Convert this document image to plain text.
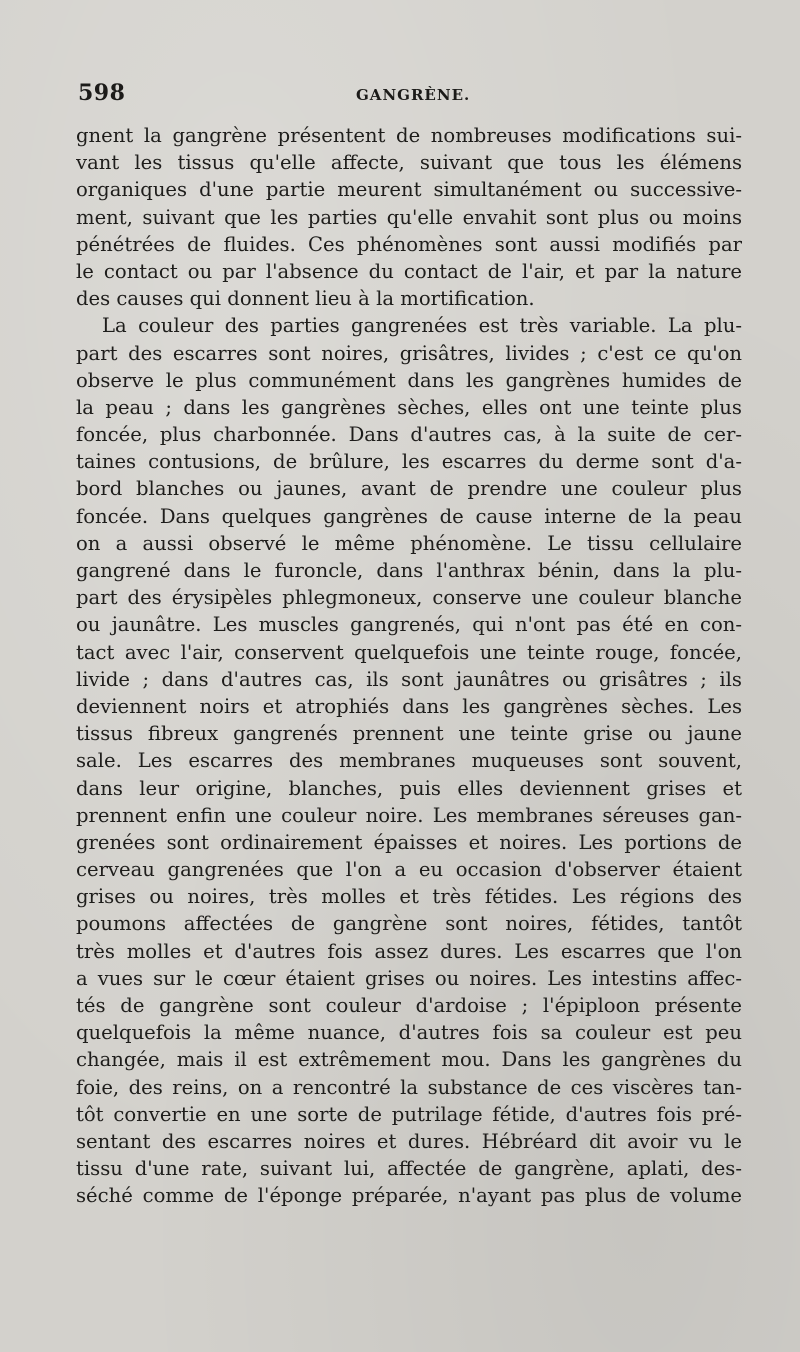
598	GANGRÈNE.
gnent la gangrène présentent de nombreuses modifications sui-
vant les tissus qu'elle affecte, suivant que tous les élémens
organiques d'une partie meurent simultanément ou successive-
ment, suivant que les parties qu'elle envahit sont plus ou moins
pénétrées de fluides. Ces phénomènes sont aussi modifiés par
le contact ou par l'absence du contact de l'air, et par la nature
des causes qui donnent lieu à la mortification.
La couleur des parties gangrenées est très variable. La plu-
part des escarres sont noires, grisâtres, livides ; c'est ce qu'on
observe le plus communément dans les gangrènes humides de
la peau ; dans les gangrènes sèches, elles ont une teinte plus
foncée, plus charbonnée. Dans d'autres cas, à la suite de cer-
taines contusions, de brûlure, les escarres du derme sont d'a-
bord blanches ou jaunes, avant de prendre une couleur plus
foncée. Dans quelques gangrènes de cause interne de la peau
on a aussi observé le même phénomène. Le tissu cellulaire
gangrené dans le furoncle, dans l'anthrax bénin, dans la plu-
part des érysipèles phlegmoneux, conserve une couleur blanche
ou jaunâtre. Les muscles gangrenés, qui n'ont pas été en con-
tact avec l'air, conservent quelquefois une teinte rouge, foncée,
livide ; dans d'autres cas, ils sont jaunâtres ou grisâtres ; ils
deviennent noirs et atrophiés dans les gangrènes sèches. Les
tissus fibreux gangrenés prennent une teinte grise ou jaune
sale. Les escarres des membranes muqueuses sont souvent,
dans leur origine, blanches, puis elles deviennent grises et
prennent enfin une couleur noire. Les membranes séreuses gan-
grenées sont ordinairement épaisses et noires. Les portions de
cerveau gangrenées que l'on a eu occasion d'observer étaient
grises ou noires, très molles et très fétides. Les régions des
poumons affectées de gangrène sont noires, fétides, tantôt
très molles et d'autres fois assez dures. Les escarres que l'on
a vues sur le cœur étaient grises ou noires. Les intestins affec-
tés de gangrène sont couleur d'ardoise ; l'épiploon présente
quelquefois la même nuance, d'autres fois sa couleur est peu
changée, mais il est extrêmement mou. Dans les gangrènes du
foie, des reins, on a rencontré la substance de ces viscères tan-
tôt convertie en une sorte de putrilage fétide, d'autres fois pré-
sentant des escarres noires et dures. Hébréard dit avoir vu le
tissu d'une rate, suivant lui, affectée de gangrène, aplati, des-
séché comme de l'éponge préparée, n'ayant pas plus de volume
